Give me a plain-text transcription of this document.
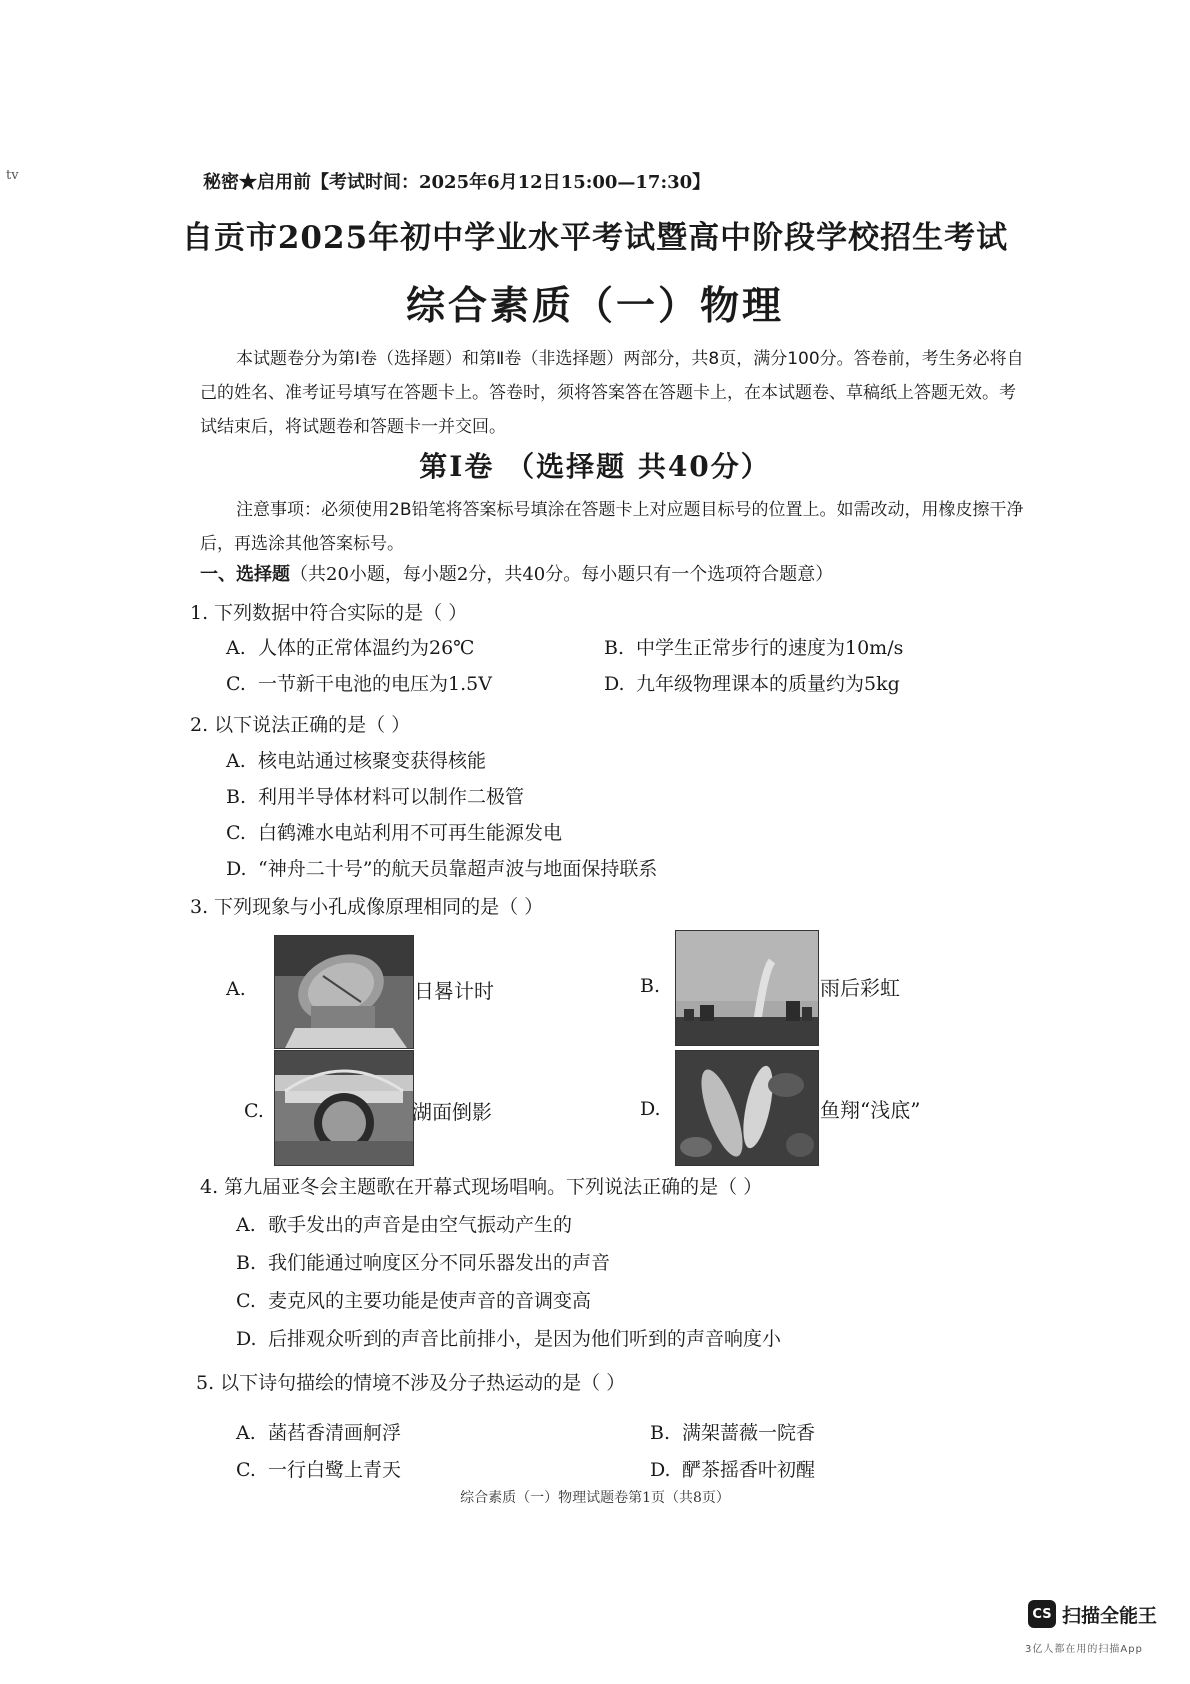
tv	秘密★启用前【考试时间：2025年6月12日15:00—17:30】
自贡市2025年初中学业水平考试暨高中阶段学校招生考试
综合素质（一）物理
本试题卷分为第Ⅰ卷（选择题）和第Ⅱ卷（非选择题）两部分，共8页，满分100分。答卷前，考生务必将自己的姓名、准考证号填写在答题卡上。答卷时，须将答案答在答题卡上，在本试题卷、草稿纸上答题无效。考试结束后，将试题卷和答题卡一并交回。
第Ⅰ卷 （选择题 共40分）
注意事项：必须使用2B铅笔将答案标号填涂在答题卡上对应题目标号的位置上。如需改动，用橡皮擦干净后，再选涂其他答案标号。
一、选择题（共20小题，每小题2分，共40分。每小题只有一个选项符合题意）
1. 下列数据中符合实际的是（ ）
A. 人体的正常体温约为26℃	B. 中学生正常步行的速度为10m/s
C. 一节新干电池的电压为1.5V	D. 九年级物理课本的质量约为5kg
2. 以下说法正确的是（ ）
A. 核电站通过核聚变获得核能
B. 利用半导体材料可以制作二极管
C. 白鹤滩水电站利用不可再生能源发电
D. “神舟二十号”的航天员靠超声波与地面保持联系
3. 下列现象与小孔成像原理相同的是（ ）
A.	日晷计时	B.	雨后彩虹
C.	湖面倒影	D.	鱼翔“浅底”
4. 第九届亚冬会主题歌在开幕式现场唱响。下列说法正确的是（ ）
A. 歌手发出的声音是由空气振动产生的
B. 我们能通过响度区分不同乐器发出的声音
C. 麦克风的主要功能是使声音的音调变高
D. 后排观众听到的声音比前排小，是因为他们听到的声音响度小
5. 以下诗句描绘的情境不涉及分子热运动的是（ ）
A. 菡萏香清画舸浮	B. 满架蔷薇一院香
C. 一行白鹭上青天	D. 酽茶摇香叶初醒
综合素质（一）物理试题卷第1页（共8页）
CS 扫描全能王
3亿人都在用的扫描App
